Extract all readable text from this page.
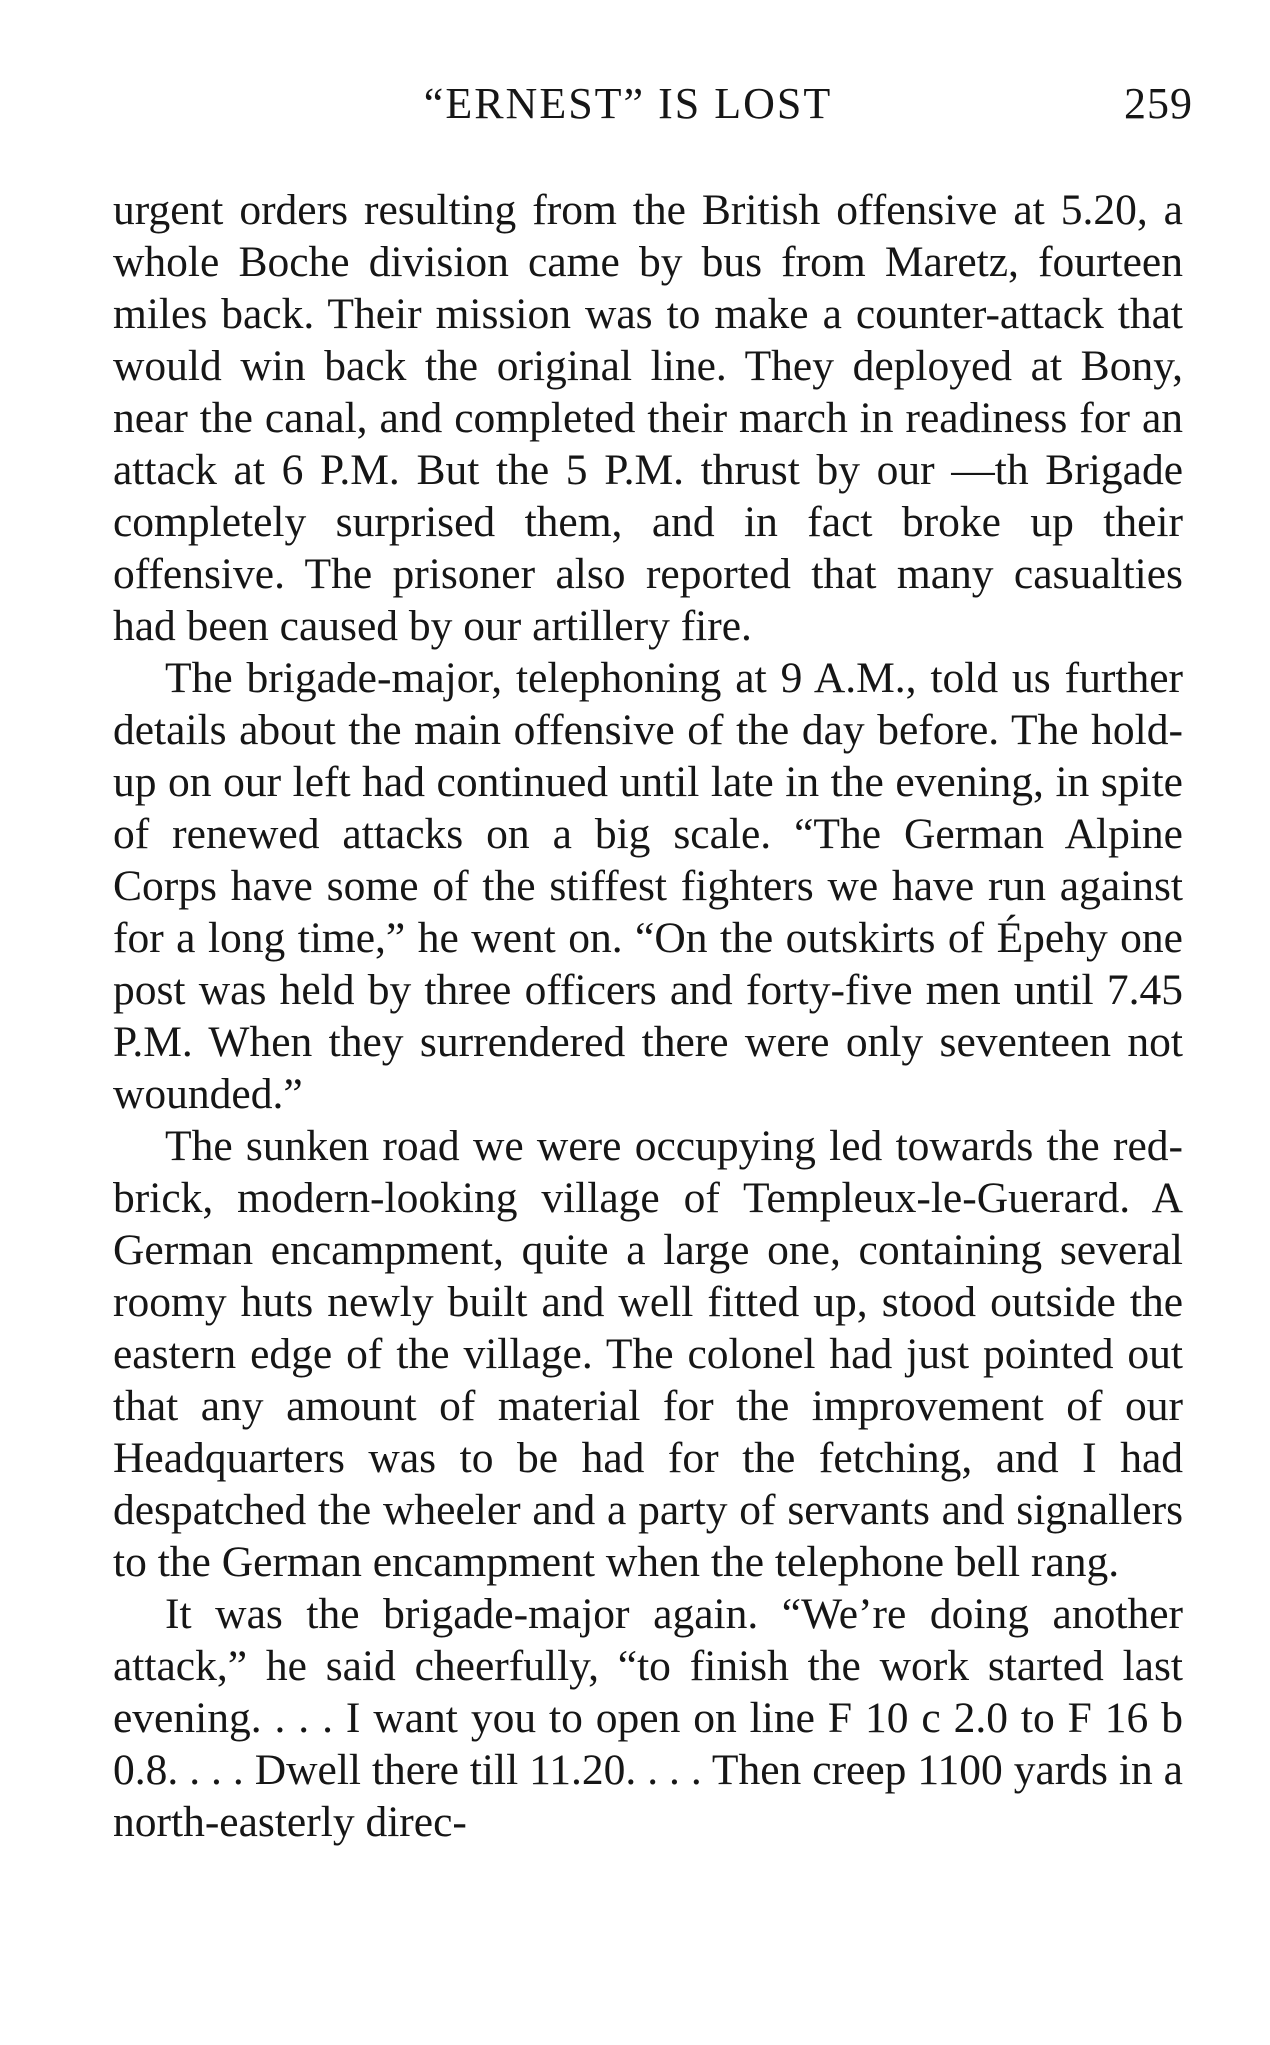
“ERNEST” IS LOST	259

urgent orders resulting from the British offensive at 5.20, a whole Boche division came by bus from Maretz, fourteen miles back. Their mission was to make a counter-attack that would win back the original line. They deployed at Bony, near the canal, and completed their march in readiness for an attack at 6 P.M. But the 5 P.M. thrust by our —th Brigade completely surprised them, and in fact broke up their offensive. The prisoner also reported that many casualties had been caused by our artillery fire.

The brigade-major, telephoning at 9 A.M., told us further details about the main offensive of the day before. The hold-up on our left had continued until late in the evening, in spite of renewed attacks on a big scale. “The German Alpine Corps have some of the stiffest fighters we have run against for a long time,” he went on. “On the outskirts of Épehy one post was held by three officers and forty-five men until 7.45 P.M. When they surrendered there were only seventeen not wounded.”

The sunken road we were occupying led towards the red-brick, modern-looking village of Templeux-le-Guerard. A German encampment, quite a large one, containing several roomy huts newly built and well fitted up, stood outside the eastern edge of the village. The colonel had just pointed out that any amount of material for the improvement of our Headquarters was to be had for the fetching, and I had despatched the wheeler and a party of servants and signallers to the German encampment when the telephone bell rang.

It was the brigade-major again. “We’re doing another attack,” he said cheerfully, “to finish the work started last evening. . . . I want you to open on line F 10 c 2.0 to F 16 b 0.8. . . . Dwell there till 11.20. . . . Then creep 1100 yards in a north-easterly direc-
